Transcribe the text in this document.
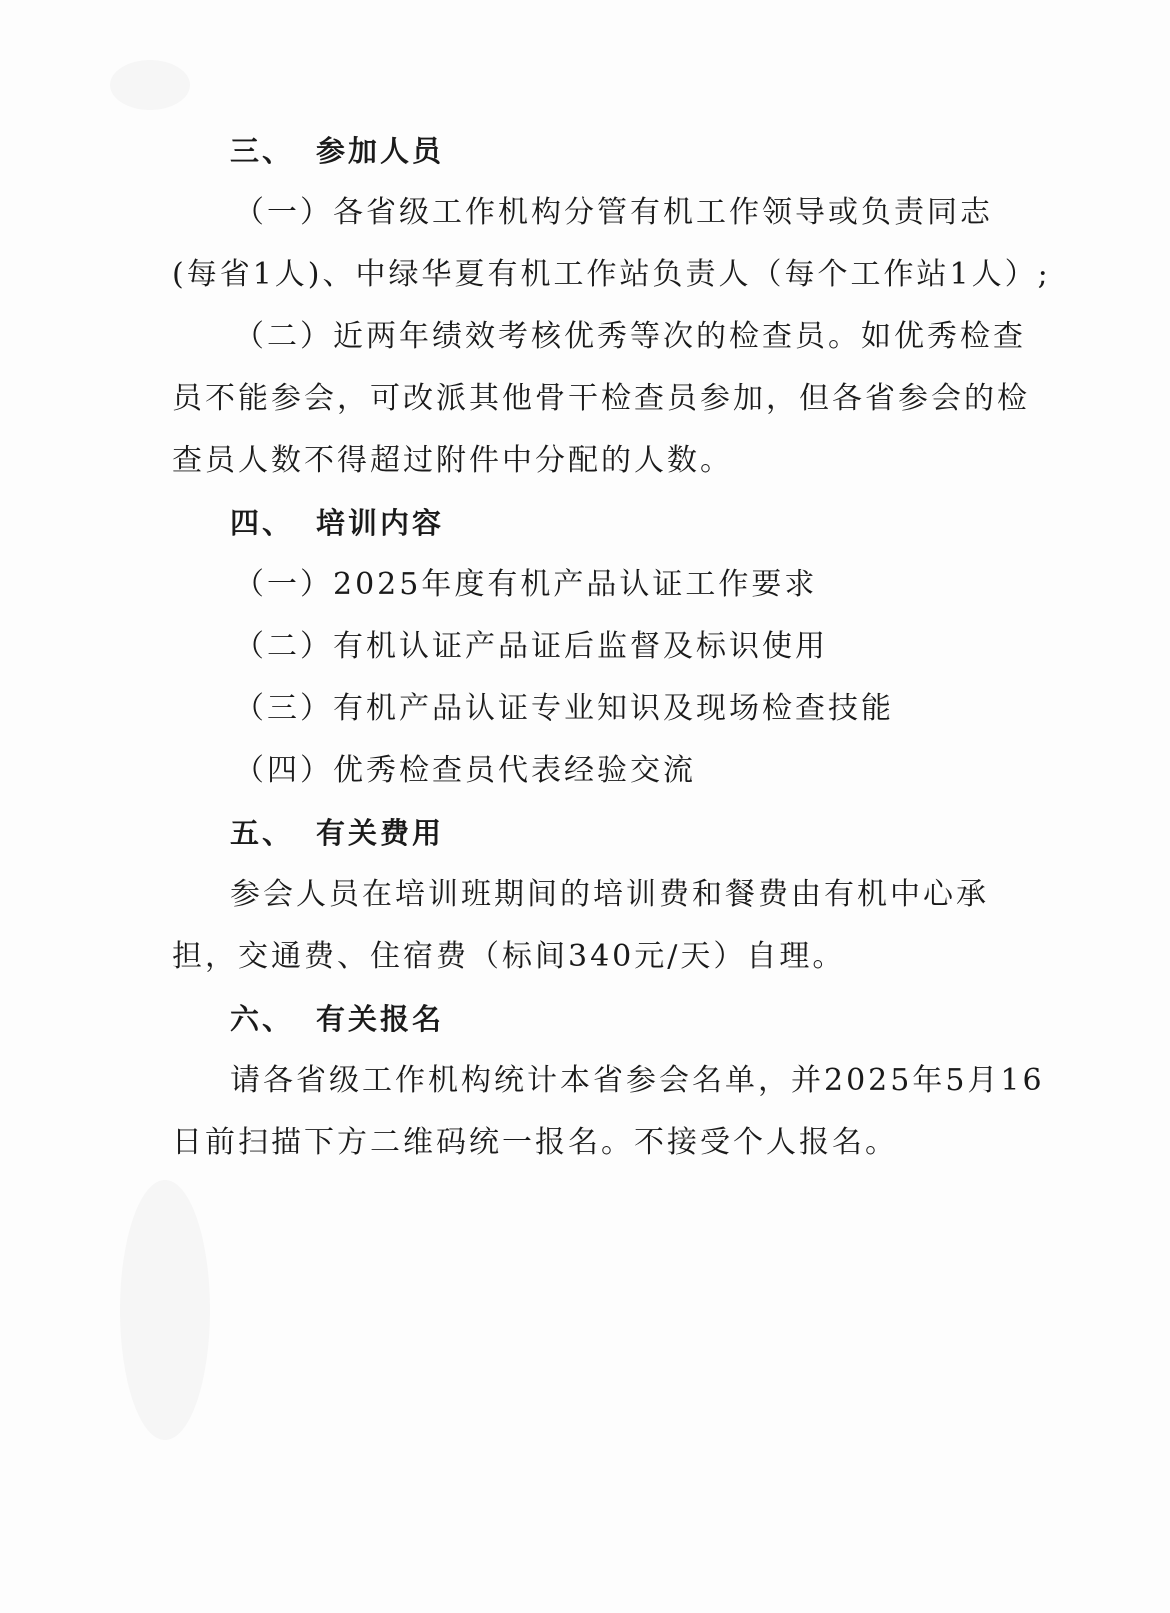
三、 参加人员
（一）各省级工作机构分管有机工作领导或负责同志
(每省1人)、中绿华夏有机工作站负责人（每个工作站1人）;
（二）近两年绩效考核优秀等次的检查员。如优秀检查
员不能参会，可改派其他骨干检查员参加，但各省参会的检
查员人数不得超过附件中分配的人数。
四、 培训内容
（一）2025年度有机产品认证工作要求
（二）有机认证产品证后监督及标识使用
（三）有机产品认证专业知识及现场检查技能
（四）优秀检查员代表经验交流
五、 有关费用
参会人员在培训班期间的培训费和餐费由有机中心承
担，交通费、住宿费（标间340元/天）自理。
六、 有关报名
请各省级工作机构统计本省参会名单，并2025年5月16
日前扫描下方二维码统一报名。不接受个人报名。
